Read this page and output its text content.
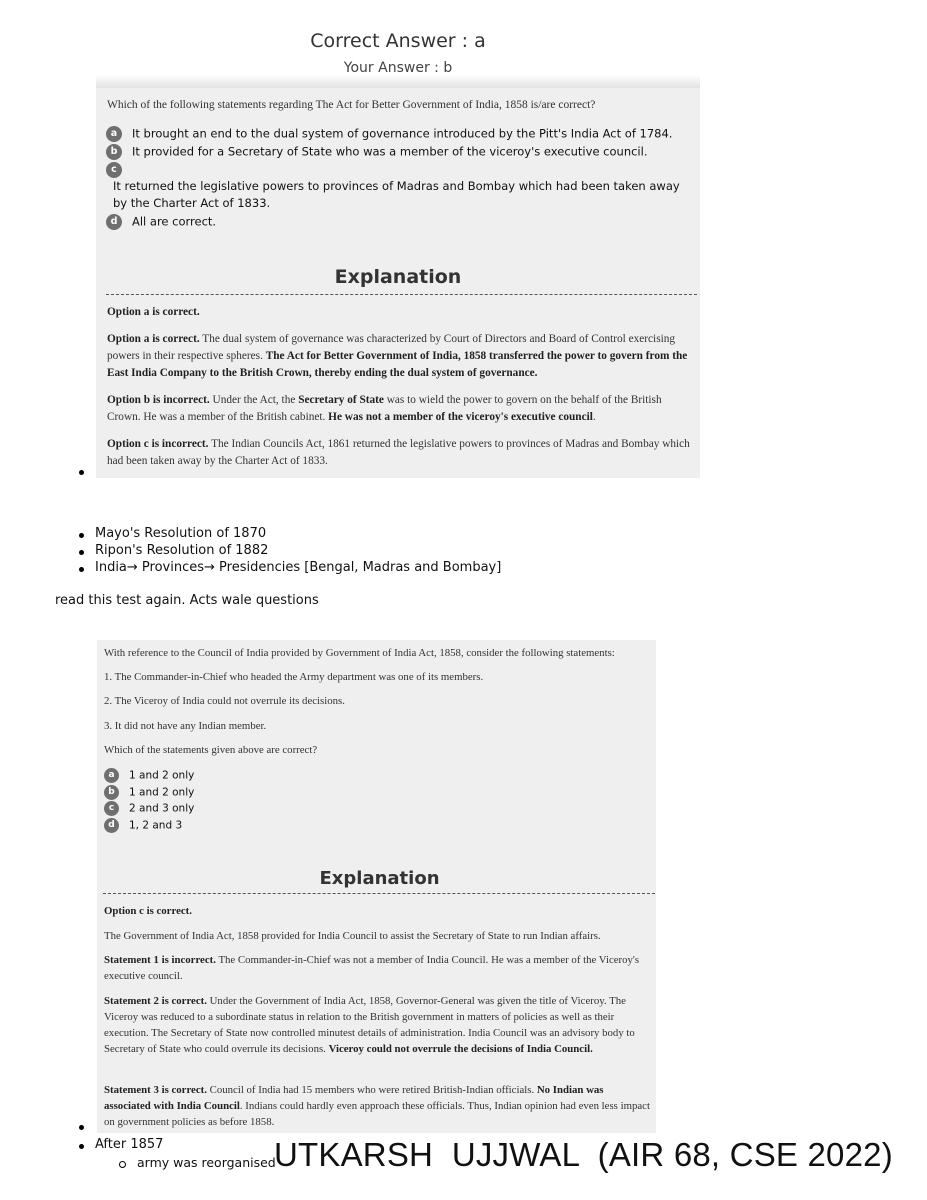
Correct Answer : a
Your Answer : b
Which of the following statements regarding The Act for Better Government of India, 1858 is/are correct?
a It brought an end to the dual system of governance introduced by the Pitt's India Act of 1784.
b It provided for a Secretary of State who was a member of the viceroy's executive council.
c
It returned the legislative powers to provinces of Madras and Bombay which had been taken away by the Charter Act of 1833.
d All are correct.
Explanation
Option a is correct.
Option a is correct. The dual system of governance was characterized by Court of Directors and Board of Control exercising powers in their respective spheres. The Act for Better Government of India, 1858 transferred the power to govern from the East India Company to the British Crown, thereby ending the dual system of governance.
Option b is incorrect. Under the Act, the Secretary of State was to wield the power to govern on the behalf of the British Crown. He was a member of the British cabinet. He was not a member of the viceroy's executive council.
Option c is incorrect. The Indian Councils Act, 1861 returned the legislative powers to provinces of Madras and Bombay which had been taken away by the Charter Act of 1833.
Mayo's Resolution of 1870
Ripon's Resolution of 1882
India→ Provinces→ Presidencies [Bengal, Madras and Bombay]
read this test again. Acts wale questions
With reference to the Council of India provided by Government of India Act, 1858, consider the following statements:
1. The Commander-in-Chief who headed the Army department was one of its members.
2. The Viceroy of India could not overrule its decisions.
3. It did not have any Indian member.
Which of the statements given above are correct?
a 1 and 2 only
b 1 and 2 only
c 2 and 3 only
d 1, 2 and 3
Explanation
Option c is correct.
The Government of India Act, 1858 provided for India Council to assist the Secretary of State to run Indian affairs.
Statement 1 is incorrect. The Commander-in-Chief was not a member of India Council. He was a member of the Viceroy's executive council.
Statement 2 is correct. Under the Government of India Act, 1858, Governor-General was given the title of Viceroy. The Viceroy was reduced to a subordinate status in relation to the British government in matters of policies as well as their execution. The Secretary of State now controlled minutest details of administration. India Council was an advisory body to Secretary of State who could overrule its decisions. Viceroy could not overrule the decisions of India Council.
Statement 3 is correct. Council of India had 15 members who were retired British-Indian officials. No Indian was associated with India Council. Indians could hardly even approach these officials. Thus, Indian opinion had even less impact on government policies as before 1858.
After 1857
army was reorganised
UTKARSH  UJJWAL  (AIR 68, CSE 2022)
